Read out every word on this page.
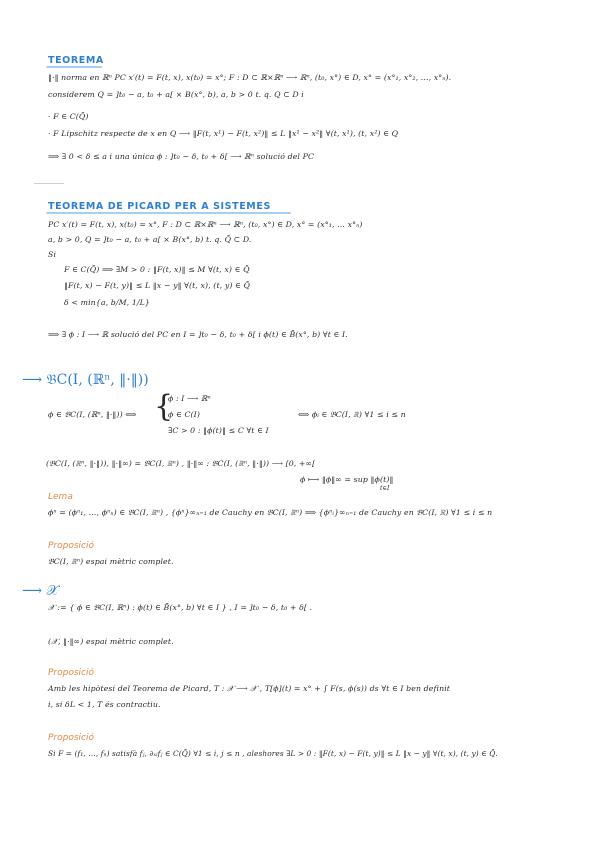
TEOREMA
‖·‖ norma en ℝⁿ PC x′(t) = F(t, x), x(t₀) = x°; F : D ⊂ ℝ×ℝⁿ ⟶ ℝⁿ, (t₀, x°) ∈ D, x° = (x°₁, x°₂, …, x°ₙ).
considerem Q = ]t₀ − a, t₀ + a[ × B(x°, b), a, b > 0 t. q. Q ⊂ D i
· F ∈ C(Q̄)
· F Lipschitz respecte de x en Q ⟶ ‖F(t, x¹) − F(t, x²)‖ ≤ L ‖x¹ − x²‖ ∀(t, x¹), (t, x²) ∈ Q
⟹ ∃ 0 < δ ≤ a i una única ϕ : ]t₀ − δ, t₀ + δ[ ⟶ ℝⁿ solució del PC
TEOREMA DE PICARD PER A SISTEMES
PC x′(t) = F(t, x), x(t₀) = x°, F : D ⊂ ℝ×ℝⁿ ⟶ ℝⁿ, (t₀, x°) ∈ D, x° = (x°₁, … x°ₙ)
a, b > 0, Q = ]t₀ − a, t₀ + a[ × B(x°, b) t. q. Q̄ ⊂ D.
Si
F ∈ C(Q̄) ⟹ ∃M > 0 : ‖F(t, x)‖ ≤ M ∀(t, x) ∈ Q̄
‖F(t, x) − F(t, y)‖ ≤ L ‖x − y‖ ∀(t, x), (t, y) ∈ Q̄
δ < min{a, b/M, 1/L}
⟹ ∃ ϕ : I ⟶ ℝ solució del PC en I = ]t₀ − δ, t₀ + δ[ i ϕ(t) ∈ B̄(x°, b) ∀t ∈ I.
⟶ 𝔅C(I, (ℝⁿ, ‖·‖))
ϕ ∈ 𝔅C(I, (ℝⁿ, ‖·‖)) ⟺ {
ϕ : I ⟶ ℝⁿ
ϕ ∈ C(I)
∃C > 0 : ‖ϕ(t)‖ ≤ C ∀t ∈ I
⟺ ϕᵢ ∈ 𝔅C(I, ℝ) ∀1 ≤ i ≤ n
(𝔅C(I, (ℝⁿ, ‖·‖)), ‖·‖∞) = 𝔅C(I, ℝⁿ) , ‖·‖∞ : 𝔅C(I, (ℝⁿ, ‖·‖)) ⟶ [0, +∞[
ϕ ⟼ ‖ϕ‖∞ = sup ‖ϕ(t)‖
t∈I
Lema
ϕⁿ = (ϕⁿ₁, …, ϕⁿₙ) ∈ 𝔅C(I, ℝⁿ) , {ϕⁿ}∞ₙ₌₁ de Cauchy en 𝔅C(I, ℝⁿ) ⟹ {ϕⁿᵢ}∞ₙ₌₁ de Cauchy en 𝔅C(I, ℝ) ∀1 ≤ i ≤ n
Proposició
𝔅C(I, ℝⁿ) espai mètric complet.
⟶ 𝒳
𝒳 := { ϕ ∈ 𝔅C(I, ℝⁿ) : ϕ(t) ∈ B̄(x°, b) ∀t ∈ I } , I = ]t₀ − δ, t₀ + δ[ .
(𝒳, ‖·‖∞) espai mètric complet.
Proposició
Amb les hipòtesi del Teorema de Picard, T : 𝒳 ⟶ 𝒳 , T[ϕ](t) = x° + ∫ F(s, ϕ(s)) ds ∀t ∈ I ben definit
i, si δL < 1, T és contractiu.
Proposició
Si F = (f₁, …, fₙ) satisfà fⱼ, ∂ₓᵢfⱼ ∈ C(Q̄) ∀1 ≤ i, j ≤ n , aleshores ∃L > 0 : ‖F(t, x) − F(t, y)‖ ≤ L ‖x − y‖ ∀(t, x), (t, y) ∈ Q̄.
